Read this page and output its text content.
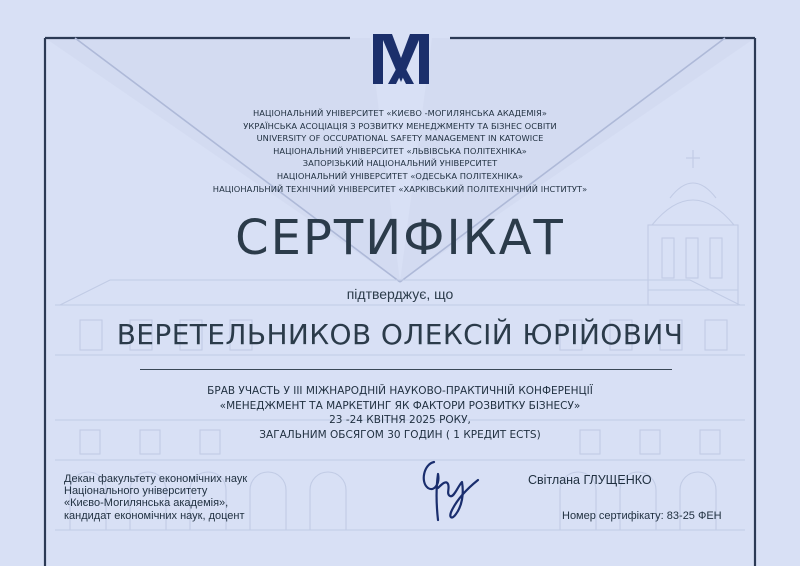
НАЦІОНАЛЬНИЙ УНІВЕРСИТЕТ «КИЄВО -МОГИЛЯНСЬКА АКАДЕМІЯ»
УКРАЇНСЬКА АСОЦІАЦІЯ З РОЗВИТКУ МЕНЕДЖМЕНТУ ТА БІЗНЕС ОСВІТИ
UNIVERSITY OF OCCUPATIONAL SAFETY MANAGEMENT IN KATOWICE
НАЦІОНАЛЬНИЙ УНІВЕРСИТЕТ «ЛЬВІВСЬКА ПОЛІТЕХНІКА»
ЗАПОРІЗЬКИЙ НАЦІОНАЛЬНИЙ УНІВЕРСИТЕТ
НАЦІОНАЛЬНИЙ УНІВЕРСИТЕТ «ОДЕСЬКА ПОЛІТЕХНІКА»
НАЦІОНАЛЬНИЙ ТЕХНІЧНИЙ УНІВЕРСИТЕТ «ХАРКІВСЬКИЙ ПОЛІТЕХНІЧНИЙ ІНСТИТУТ»
СЕРТИФІКАТ
підтверджує, що
ВЕРЕТЕЛЬНИКОВ ОЛЕКСІЙ ЮРІЙОВИЧ
БРАВ УЧАСТЬ У ІІІ МІЖНАРОДНІЙ НАУКОВО-ПРАКТИЧНІЙ КОНФЕРЕНЦІЇ
«МЕНЕДЖМЕНТ ТА МАРКЕТИНГ ЯК ФАКТОРИ РОЗВИТКУ БІЗНЕСУ»
23 -24 КВІТНЯ 2025 РОКУ,
ЗАГАЛЬНИМ ОБСЯГОМ 30 ГОДИН ( 1 КРЕДИТ ECTS)
Декан факультету економічних наук
Національного університету
«Києво-Могилянська академія»,
кандидат економічних наук, доцент
Світлана ГЛУЩЕНКО
Номер сертифікату: 83-25 ФЕН
